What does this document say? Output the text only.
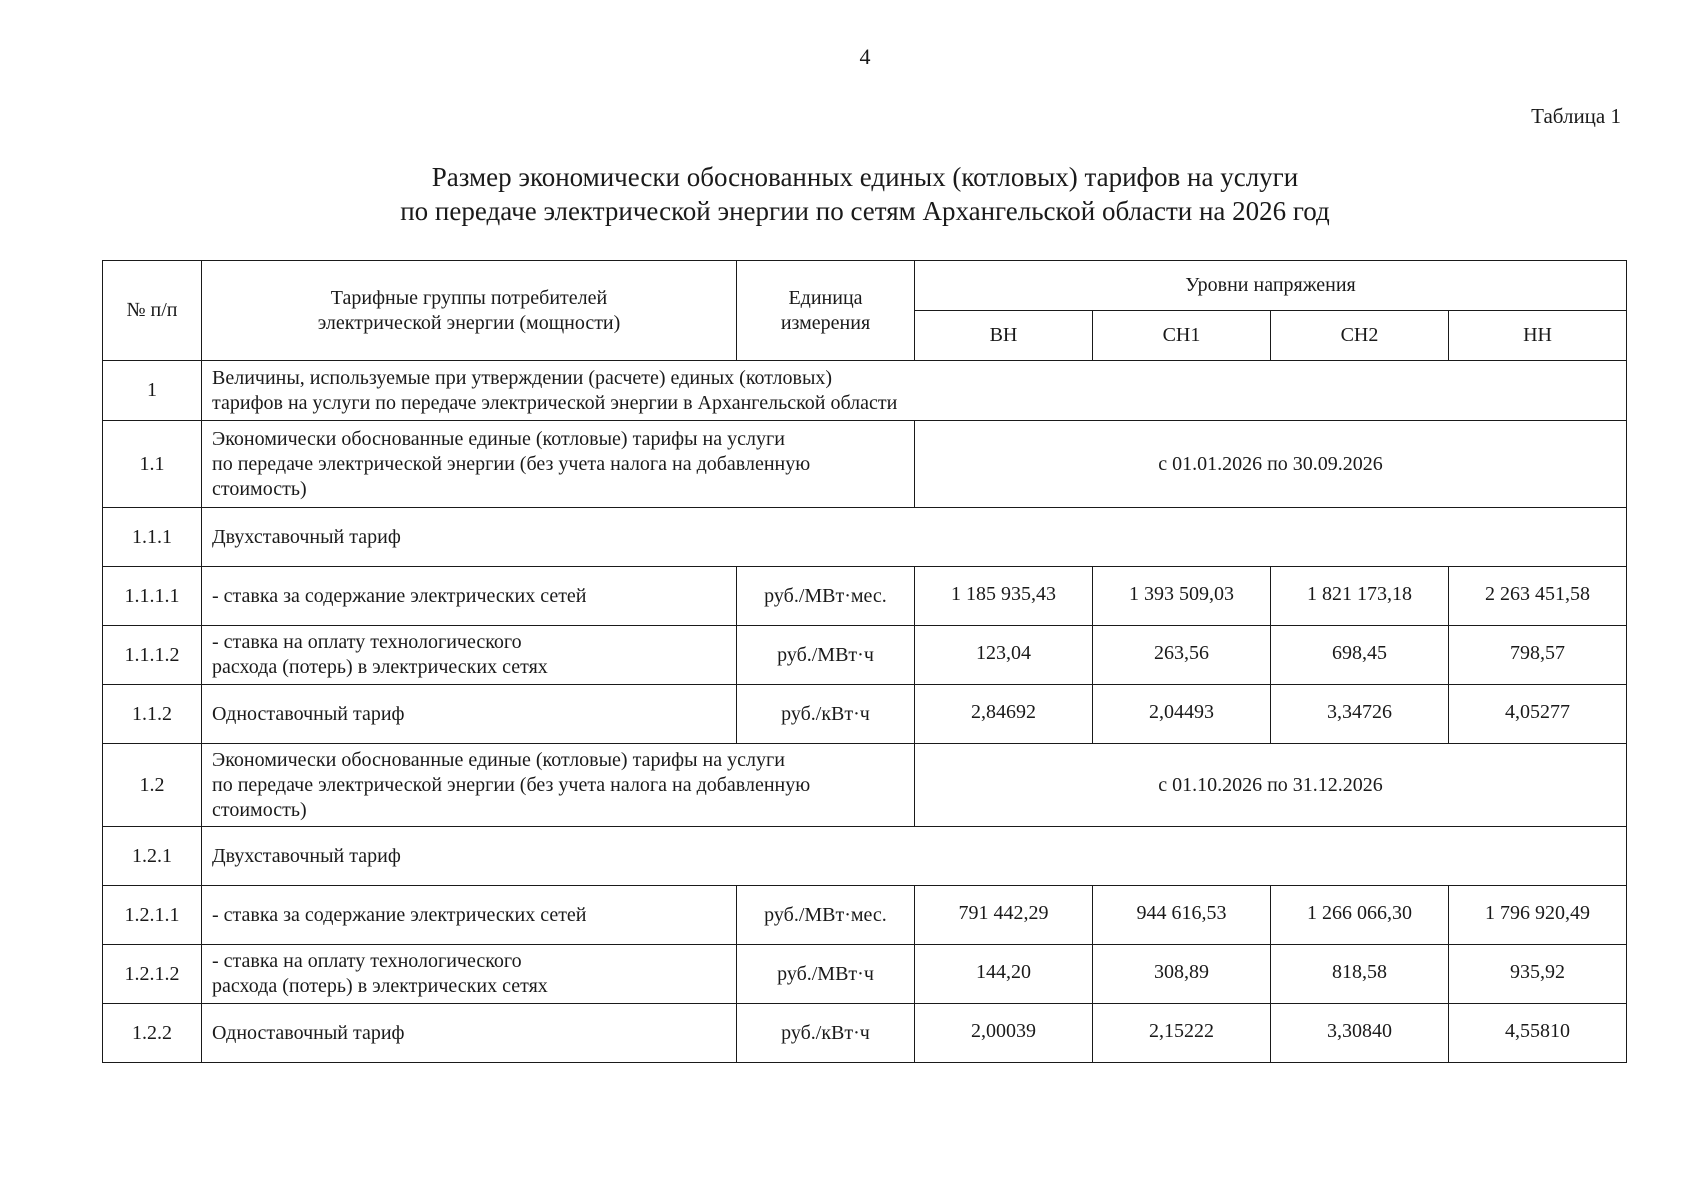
4
Таблица 1
Размер экономически обоснованных единых (котловых) тарифов на услуги
по передаче электрической энергии по сетям Архангельской области на 2026 год
№ п/п	Тарифные группы потребителей
электрической энергии (мощности)	Единица
измерения	Уровни напряжения			
			ВН	СН1	СН2	НН
1	Величины, используемые при утверждении (расчете) единых (котловых)
тарифов на услуги по передаче электрической энергии в Архангельской области					

1.1	Экономически обоснованные единые (котловые) тарифы на услуги
по передаче электрической энергии (без учета налога на добавленную
стоимость)		с 01.01.2026 по 30.09.2026			
1.1.1	Двухставочный тариф					
1.1.1.1	- ставка за содержание электрических сетей	руб./МВт·мес.	1 185 935,43	1 393 509,03	1 821 173,18	2 263 451,58
1.1.1.2	- ставка на оплату технологического
расхода (потерь) в электрических сетях	руб./МВт·ч	123,04	263,56	698,45	798,57
1.1.2	Одноставочный тариф	руб./кВт·ч	2,84692	2,04493	3,34726	4,05277
1.2	Экономически обоснованные единые (котловые) тарифы на услуги
по передаче электрической энергии (без учета налога на добавленную
стоимость)		с 01.10.2026 по 31.12.2026			
1.2.1	Двухставочный тариф					
1.2.1.1	- ставка за содержание электрических сетей	руб./МВт·мес.	791 442,29	944 616,53	1 266 066,30	1 796 920,49
1.2.1.2	- ставка на оплату технологического
расхода (потерь) в электрических сетях	руб./МВт·ч	144,20	308,89	818,58	935,92
1.2.2	Одноставочный тариф	руб./кВт·ч	2,00039	2,15222	3,30840	4,55810
